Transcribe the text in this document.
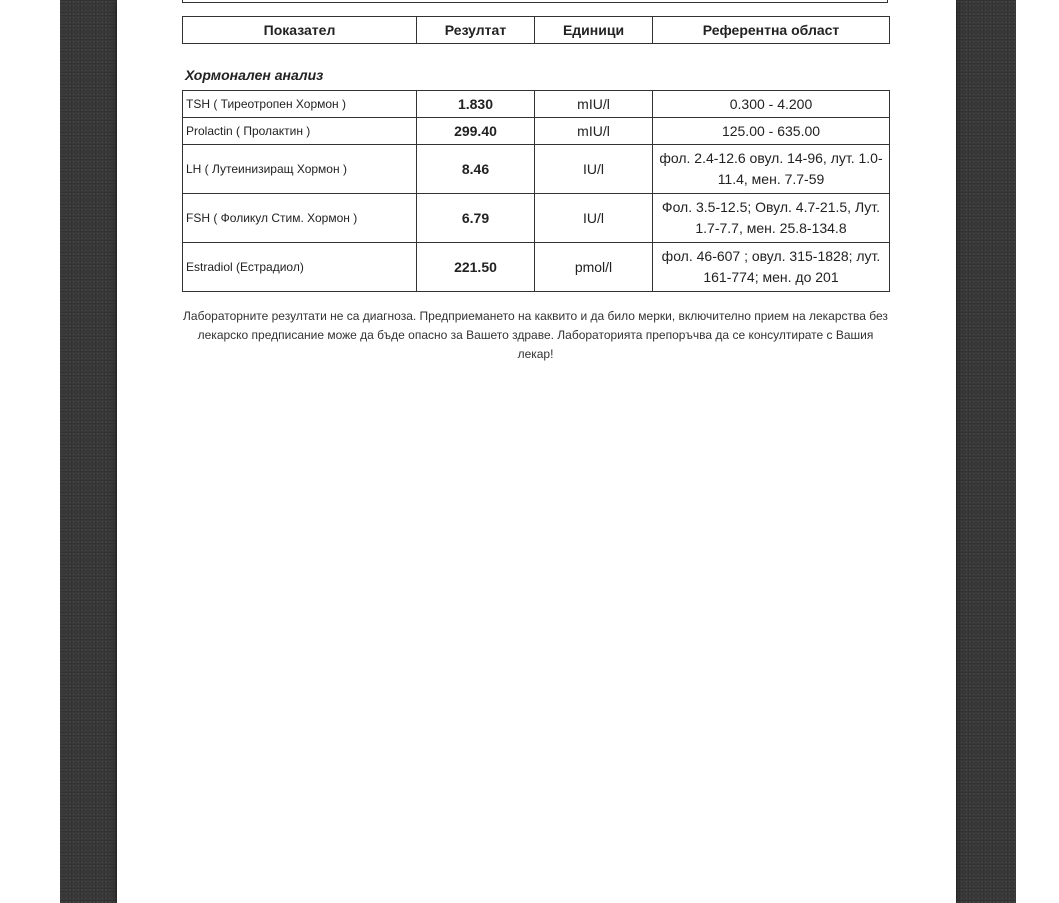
Показател	Резултат	Единици	Референтна област
Хормонален анализ
TSH ( Тиреотропен Хормон )	1.830	mIU/l	0.300 - 4.200
Prolactin ( Пролактин )	299.40	mIU/l	125.00 - 635.00
LH ( Лутеинизиращ Хормон )	8.46	IU/l	фол. 2.4-12.6 овул. 14-96, лут. 1.0-11.4, мен. 7.7-59
FSH ( Фоликул Стим. Хормон )	6.79	IU/l	Фол. 3.5-12.5; Овул. 4.7-21.5, Лут. 1.7-7.7, мен. 25.8-134.8
Estradiol (Естрадиол)	221.50	pmol/l	фол. 46-607 ; овул. 315-1828; лут. 161-774; мен. до 201
Лабораторните резултати не са диагноза. Предприемането на каквито и да било мерки, включително прием на лекарства без лекарско предписание може да бъде опасно за Вашето здраве. Лабораторията препоръчва да се консултирате с Вашия лекар!
